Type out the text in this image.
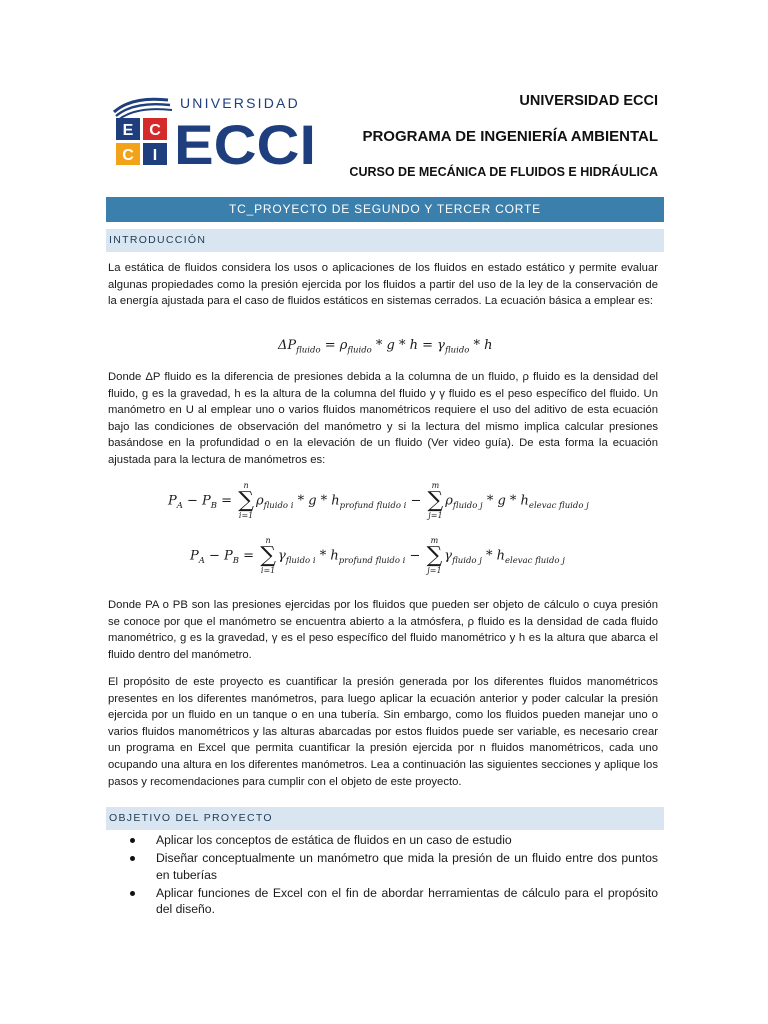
UNIVERSIDAD
E C
C I ECCI
UNIVERSIDAD ECCI
PROGRAMA DE INGENIERÍA AMBIENTAL
CURSO DE MECÁNICA DE FLUIDOS E HIDRÁULICA
TC_PROYECTO DE SEGUNDO Y TERCER CORTE
INTRODUCCIÓN
La estática de fluidos considera los usos o aplicaciones de los fluidos en estado estático y permite evaluar algunas propiedades como la presión ejercida por los fluidos a partir del uso de la ley de la conservación de la energía ajustada para el caso de fluidos estáticos en sistemas cerrados. La ecuación básica a emplear es:
$\Delta P_{fluido} = \rho_{fluido} * g * h = \gamma_{fluido} * h$
Donde ΔP fluido es la diferencia de presiones debida a la columna de un fluido, ρ fluido es la densidad del fluido, g es la gravedad, h es la altura de la columna del fluido y γ fluido es el peso específico del fluido. Un manómetro en U al emplear uno o varios fluidos manométricos requiere el uso del aditivo de esta ecuación bajo las condiciones de observación del manómetro y si la lectura del mismo implica calcular presiones basándose en la profundidad o en la elevación de un fluido (Ver video guía). De esta forma la ecuación ajustada para la lectura de manómetros es:
$P_A - P_B$ =
n
∑
i=1
$\rho_{fluido i}$ * g * $h_{profund fluido i}$ −
m
∑
j=1
$\rho_{fluido j}$ * g * $h_{elevac fluido j}$
$P_A - P_B$ =
n
∑
i=1
$\gamma_{fluido i} * h_{profund fluido i}$ −
m
∑
j=1
$\gamma_{fluido j} * h_{elevac fluido j}$
Donde PA o PB son las presiones ejercidas por los fluidos que pueden ser objeto de cálculo o cuya presión se conoce por que el manómetro se encuentra abierto a la atmósfera, ρ fluido es la densidad de cada fluido manométrico, g es la gravedad, γ es el peso específico del fluido manométrico y h es la altura que abarca el fluido dentro del manómetro.
El propósito de este proyecto es cuantificar la presión generada por los diferentes fluidos manométricos presentes en los diferentes manómetros, para luego aplicar la ecuación anterior y poder calcular la presión ejercida por un fluido en un tanque o en una tubería. Sin embargo, como los fluidos pueden manejar uno o varios fluidos manométricos y las alturas abarcadas por estos fluidos puede ser variable, es necesario crear un programa en Excel que permita cuantificar la presión ejercida por n fluidos manométricos, cada uno ocupando una altura en los diferentes manómetros. Lea a continuación las siguientes secciones y aplique los pasos y recomendaciones para cumplir con el objeto de este proyecto.
OBJETIVO DEL PROYECTO
Aplicar los conceptos de estática de fluidos en un caso de estudio
Diseñar conceptualmente un manómetro que mida la presión de un fluido entre dos puntos en tuberías
Aplicar funciones de Excel con el fin de abordar herramientas de cálculo para el propósito del diseño.
